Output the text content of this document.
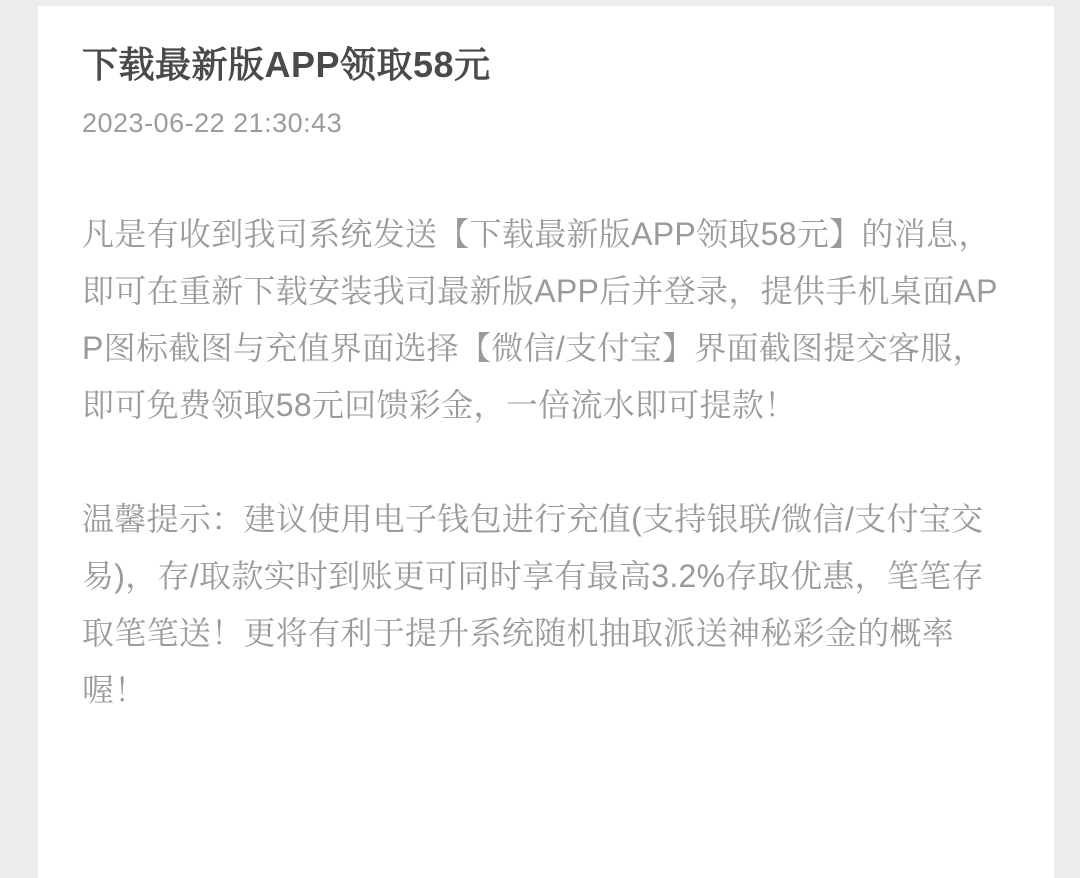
下载最新版APP领取58元
2023-06-22 21:30:43

凡是有收到我司系统发送【下载最新版APP领取58元】的消息，即可在重新下载安装我司最新版APP后并登录，提供手机桌面APP图标截图与充值界面选择【微信/支付宝】界面截图提交客服，即可免费领取58元回馈彩金，一倍流水即可提款！

温馨提示：建议使用电子钱包进行充值(支持银联/微信/支付宝交易)，存/取款实时到账更可同时享有最高3.2%存取优惠，笔笔存取笔笔送！更将有利于提升系统随机抽取派送神秘彩金的概率喔！
